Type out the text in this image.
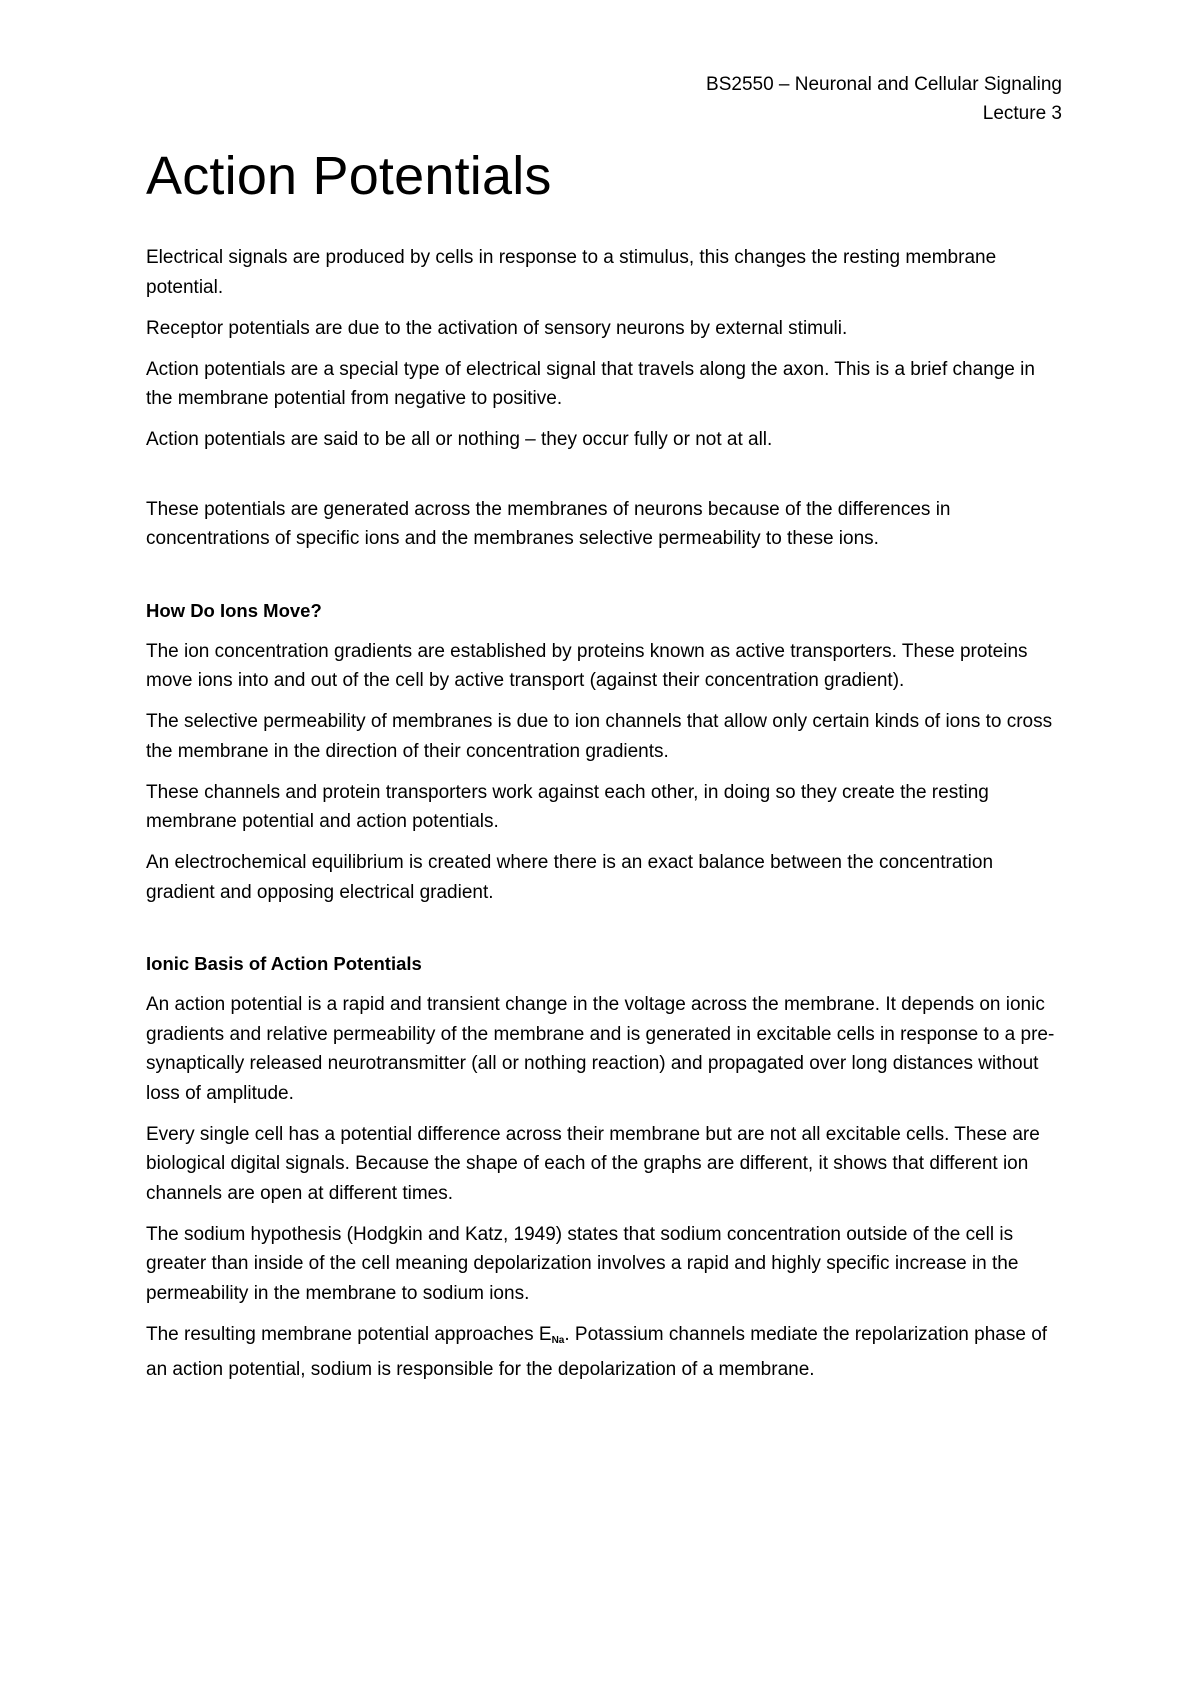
BS2550 – Neuronal and Cellular Signaling
Lecture 3
Action Potentials

Electrical signals are produced by cells in response to a stimulus, this changes the resting membrane potential.

Receptor potentials are due to the activation of sensory neurons by external stimuli.

Action potentials are a special type of electrical signal that travels along the axon. This is a brief change in the membrane potential from negative to positive.

Action potentials are said to be all or nothing – they occur fully or not at all.

These potentials are generated across the membranes of neurons because of the differences in concentrations of specific ions and the membranes selective permeability to these ions.

How Do Ions Move?

The ion concentration gradients are established by proteins known as active transporters. These proteins move ions into and out of the cell by active transport (against their concentration gradient).

The selective permeability of membranes is due to ion channels that allow only certain kinds of ions to cross the membrane in the direction of their concentration gradients.

These channels and protein transporters work against each other, in doing so they create the resting membrane potential and action potentials.

An electrochemical equilibrium is created where there is an exact balance between the concentration gradient and opposing electrical gradient.

Ionic Basis of Action Potentials

An action potential is a rapid and transient change in the voltage across the membrane. It depends on ionic gradients and relative permeability of the membrane and is generated in excitable cells in response to a pre-synaptically released neurotransmitter (all or nothing reaction) and propagated over long distances without loss of amplitude.

Every single cell has a potential difference across their membrane but are not all excitable cells. These are biological digital signals. Because the shape of each of the graphs are different, it shows that different ion channels are open at different times.

The sodium hypothesis (Hodgkin and Katz, 1949) states that sodium concentration outside of the cell is greater than inside of the cell meaning depolarization involves a rapid and highly specific increase in the permeability in the membrane to sodium ions.

The resulting membrane potential approaches $E_{Na}$. Potassium channels mediate the repolarization phase of an action potential, sodium is responsible for the depolarization of a membrane.
